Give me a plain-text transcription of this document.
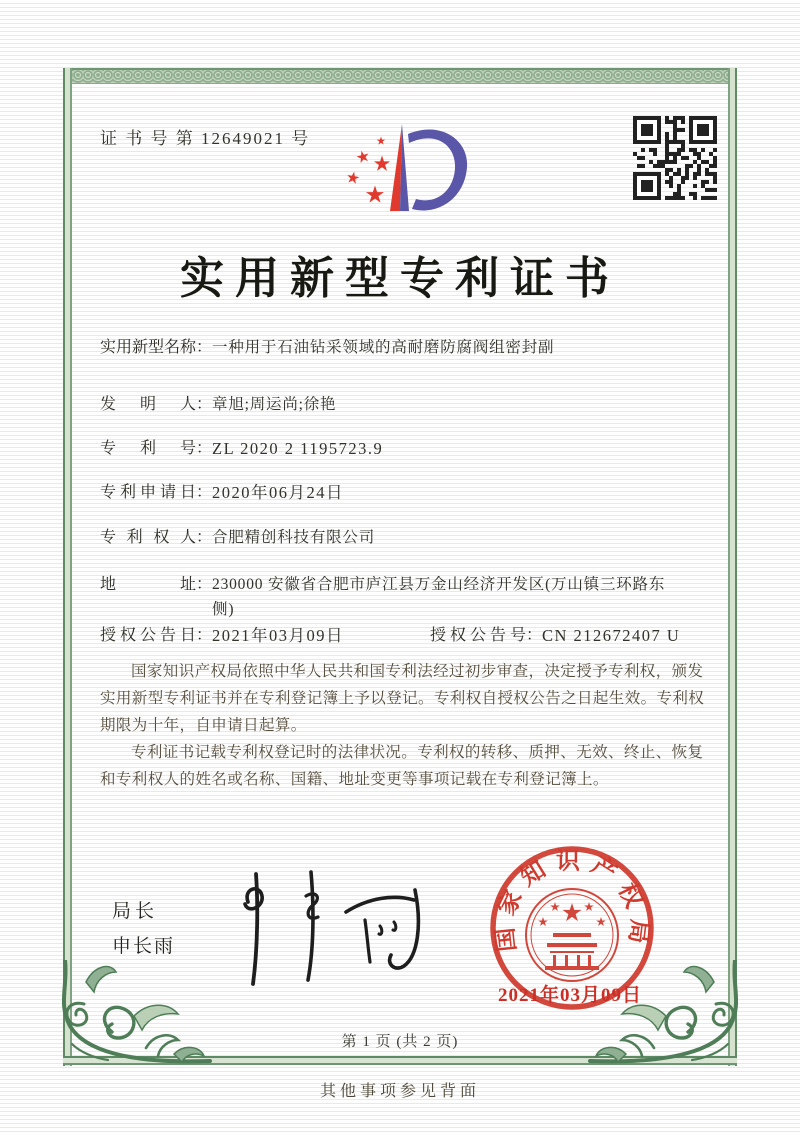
证 书 号 第 12649021 号
实用新型专利证书
实用新型名称 ： 一种用于石油钻采领域的高耐磨防腐阀组密封副
发明人 ： 章旭;周运尚;徐艳
专利号 ： ZL 2020 2 1195723.9
专利申请日 ： 2020年06月24日
专利权人 ： 合肥精创科技有限公司
地址 ： 230000 安徽省合肥市庐江县万金山经济开发区(万山镇三环路东侧)
授权公告日 ： 2021年03月09日	授权公告号 ： CN 212672407 U

国家知识产权局依照中华人民共和国专利法经过初步审查，决定授予专利权，颁发实用新型专利证书并在专利登记簿上予以登记。专利权自授权公告之日起生效。专利权期限为十年，自申请日起算。

专利证书记载专利权登记时的法律状况。专利权的转移、质押、无效、终止、恢复和专利权人的姓名或名称、国籍、地址变更等事项记载在专利登记簿上。

局长
申长雨	国家知识产权局
2021年03月09日
第 1 页 (共 2 页)
其他事项参见背面
